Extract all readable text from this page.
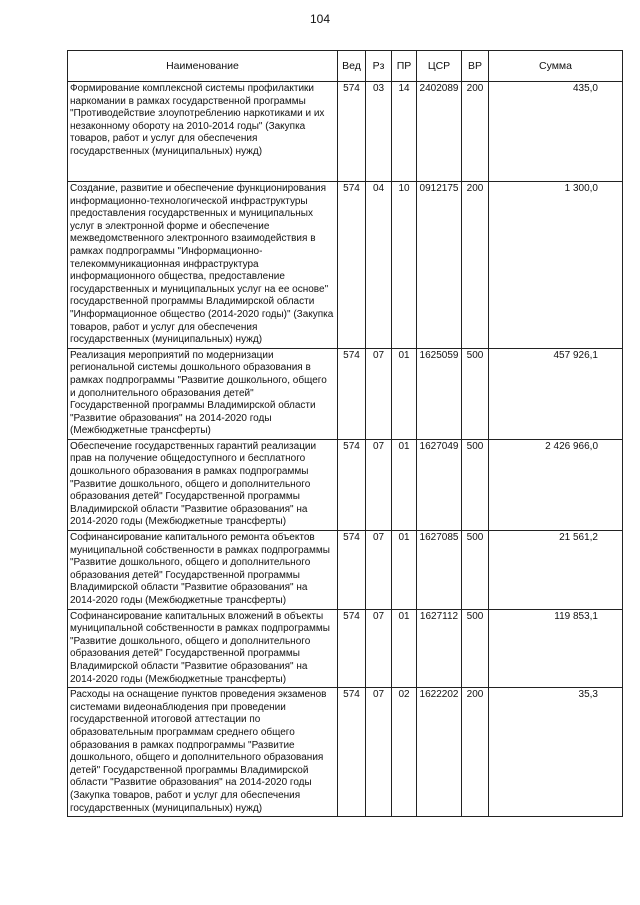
104
Наименование	Вед	Рз	ПР	ЦСР	ВР	Сумма
Формирование комплексной системы профилактики наркомании в рамках государственной программы "Противодействие злоупотреблению наркотиками и их незаконному обороту на 2010-2014 годы" (Закупка товаров, работ и услуг для обеспечения государственных (муниципальных) нужд)	574	03	14	2402089	200	435,0
Создание, развитие и обеспечение функционирования информационно-технологической инфраструктуры предоставления государственных и муниципальных услуг в электронной форме и обеспечение межведомственного электронного взаимодействия в рамках подпрограммы "Информационно-телекоммуникационная инфраструктура информационного общества, предоставление государственных и муниципальных услуг на ее основе" государственной программы Владимирской области "Информационное общество (2014-2020 годы)" (Закупка товаров, работ и услуг для обеспечения государственных (муниципальных) нужд)	574	04	10	0912175	200	1 300,0
Реализация мероприятий по модернизации региональной системы дошкольного образования в рамках подпрограммы "Развитие дошкольного, общего и дополнительного образования детей" Государственной программы Владимирской области "Развитие образования" на 2014-2020 годы (Межбюджетные трансферты)	574	07	01	1625059	500	457 926,1
Обеспечение государственных гарантий реализации прав на получение общедоступного и бесплатного дошкольного образования в рамках подпрограммы "Развитие дошкольного, общего и дополнительного образования детей" Государственной программы Владимирской области "Развитие образования" на 2014-2020 годы (Межбюджетные трансферты)	574	07	01	1627049	500	2 426 966,0
Софинансирование капитального ремонта объектов муниципальной собственности в рамках подпрограммы "Развитие дошкольного, общего и дополнительного образования детей" Государственной программы Владимирской области "Развитие образования" на 2014-2020 годы (Межбюджетные трансферты)	574	07	01	1627085	500	21 561,2
Софинансирование капитальных вложений в объекты муниципальной собственности в рамках подпрограммы "Развитие дошкольного, общего и дополнительного образования детей" Государственной программы Владимирской области "Развитие образования" на 2014-2020 годы (Межбюджетные трансферты)	574	07	01	1627112	500	119 853,1
Расходы на оснащение пунктов проведения экзаменов системами видеонаблюдения при проведении государственной итоговой аттестации по образовательным программам среднего общего образования в рамках подпрограммы "Развитие дошкольного, общего и дополнительного образования детей" Государственной программы Владимирской области "Развитие образования" на 2014-2020 годы (Закупка товаров, работ и услуг для обеспечения государственных (муниципальных) нужд)	574	07	02	1622202	200	35,3
